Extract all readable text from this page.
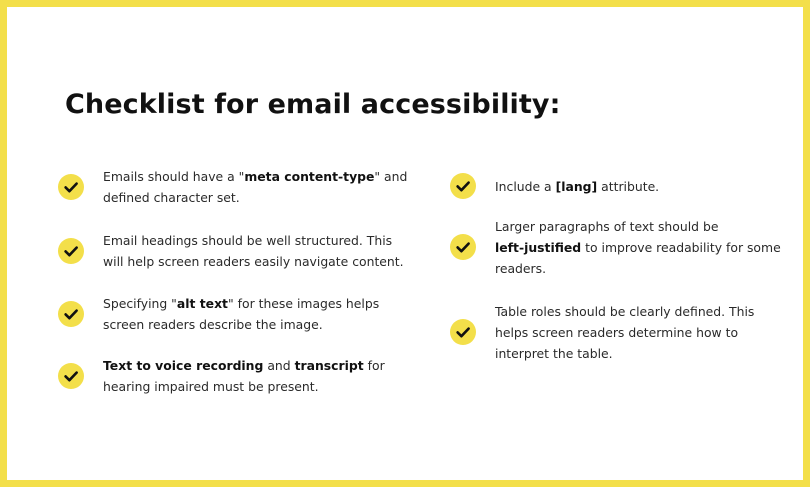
Checklist for email accessibility:
Emails should have a "meta content-type" and
defined character set.
Email headings should be well structured. This
will help screen readers easily navigate content.
Specifying "alt text" for these images helps
screen readers describe the image.
Text to voice recording and transcript for
hearing impaired must be present.
Include a [lang] attribute.
Larger paragraphs of text should be
left-justified to improve readability for some
readers.
Table roles should be clearly defined. This
helps screen readers determine how to
interpret the table.
